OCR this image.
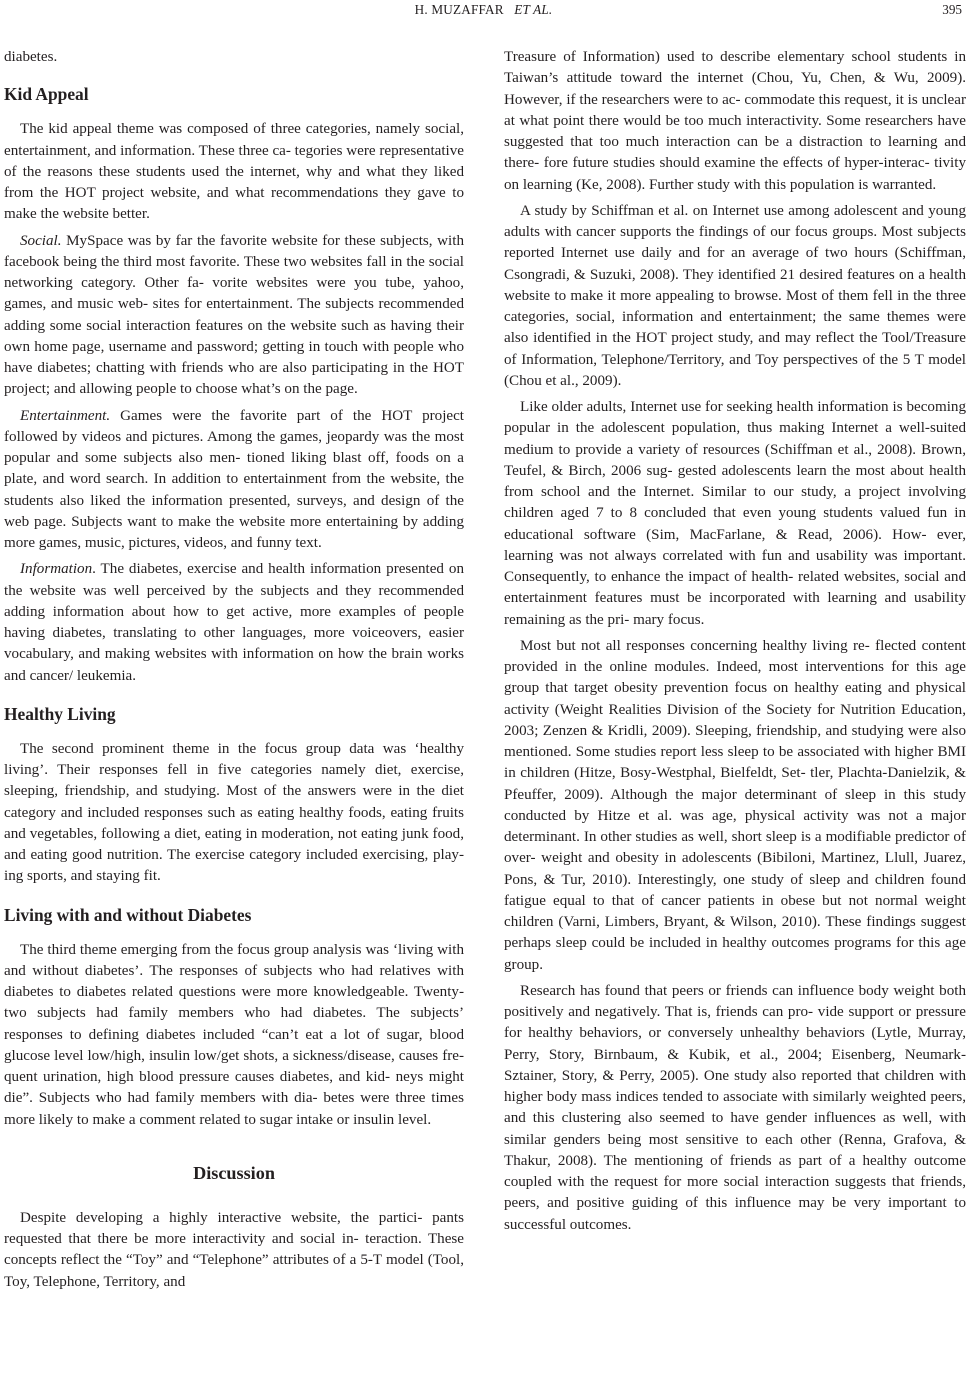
H. MUZAFFAR ET AL.	395

diabetes.

Kid Appeal

The kid appeal theme was composed of three categories, namely social, entertainment, and information. These three ca- tegories were representative of the reasons these students used the internet, why and what they liked from the HOT project website, and what recommendations they gave to make the website better.

Social. MySpace was by far the favorite website for these subjects, with facebook being the third most favorite. These two websites fall in the social networking category. Other fa- vorite websites were you tube, yahoo, games, and music web- sites for entertainment. The subjects recommended adding some social interaction features on the website such as having their own home page, username and password; getting in touch with people who have diabetes; chatting with friends who are also participating in the HOT project; and allowing people to choose what’s on the page.

Entertainment. Games were the favorite part of the HOT project followed by videos and pictures. Among the games, jeopardy was the most popular and some subjects also men- tioned liking blast off, foods on a plate, and word search. In addition to entertainment from the website, the students also liked the information presented, surveys, and design of the web page. Subjects want to make the website more entertaining by adding more games, music, pictures, videos, and funny text.

Information. The diabetes, exercise and health information presented on the website was well perceived by the subjects and they recommended adding information about how to get active, more examples of people having diabetes, translating to other languages, more voiceovers, easier vocabulary, and making websites with information on how the brain works and cancer/ leukemia.

Healthy Living

The second prominent theme in the focus group data was ‘healthy living’. Their responses fell in five categories namely diet, exercise, sleeping, friendship, and studying. Most of the answers were in the diet category and included responses such as eating healthy foods, eating fruits and vegetables, following a diet, eating in moderation, not eating junk food, and eating good nutrition. The exercise category included exercising, play- ing sports, and staying fit.

Living with and without Diabetes

The third theme emerging from the focus group analysis was ‘living with and without diabetes’. The responses of subjects who had relatives with diabetes to diabetes related questions were more knowledgeable. Twenty-two subjects had family members who had diabetes. The subjects’ responses to defining diabetes included “can’t eat a lot of sugar, blood glucose level low/high, insulin low/get shots, a sickness/disease, causes fre- quent urination, high blood pressure causes diabetes, and kid- neys might die”. Subjects who had family members with dia- betes were three times more likely to make a comment related to sugar intake or insulin level.

Discussion

Despite developing a highly interactive website, the partici- pants requested that there be more interactivity and social in- teraction. These concepts reflect the “Toy” and “Telephone” attributes of a 5-T model (Tool, Toy, Telephone, Territory, and

Treasure of Information) used to describe elementary school students in Taiwan’s attitude toward the internet (Chou, Yu, Chen, & Wu, 2009). However, if the researchers were to ac- commodate this request, it is unclear at what point there would be too much interactivity. Some researchers have suggested that too much interaction can be a distraction to learning and there- fore future studies should examine the effects of hyper-interac- tivity on learning (Ke, 2008). Further study with this population is warranted.

A study by Schiffman et al. on Internet use among adolescent and young adults with cancer supports the findings of our focus groups. Most subjects reported Internet use daily and for an average of two hours (Schiffman, Csongradi, & Suzuki, 2008). They identified 21 desired features on a health website to make it more appealing to browse. Most of them fell in the three categories, social, information and entertainment; the same themes were also identified in the HOT project study, and may reflect the Tool/Treasure of Information, Telephone/Territory, and Toy perspectives of the 5 T model (Chou et al., 2009).

Like older adults, Internet use for seeking health information is becoming popular in the adolescent population, thus making Internet a well-suited medium to provide a variety of resources (Schiffman et al., 2008). Brown, Teufel, & Birch, 2006 sug- gested adolescents learn the most about health from school and the Internet. Similar to our study, a project involving children aged 7 to 8 concluded that even young students valued fun in educational software (Sim, MacFarlane, & Read, 2006). How- ever, learning was not always correlated with fun and usability was important. Consequently, to enhance the impact of health- related websites, social and entertainment features must be incorporated with learning and usability remaining as the pri- mary focus.

Most but not all responses concerning healthy living re- flected content provided in the online modules. Indeed, most interventions for this age group that target obesity prevention focus on healthy eating and physical activity (Weight Realities Division of the Society for Nutrition Education, 2003; Zenzen & Kridli, 2009). Sleeping, friendship, and studying were also mentioned. Some studies report less sleep to be associated with higher BMI in children (Hitze, Bosy-Westphal, Bielfeldt, Set- tler, Plachta-Danielzik, & Pfeuffer, 2009). Although the major determinant of sleep in this study conducted by Hitze et al. was age, physical activity was not a major determinant. In other studies as well, short sleep is a modifiable predictor of over- weight and obesity in adolescents (Bibiloni, Martinez, Llull, Juarez, Pons, & Tur, 2010). Interestingly, one study of sleep and children found fatigue equal to that of cancer patients in obese but not normal weight children (Varni, Limbers, Bryant, & Wilson, 2010). These findings suggest perhaps sleep could be included in healthy outcomes programs for this age group.

Research has found that peers or friends can influence body weight both positively and negatively. That is, friends can pro- vide support or pressure for healthy behaviors, or conversely unhealthy behaviors (Lytle, Murray, Perry, Story, Birnbaum, & Kubik, et al., 2004; Eisenberg, Neumark-Sztainer, Story, & Perry, 2005). One study also reported that children with higher body mass indices tended to associate with similarly weighted peers, and this clustering also seemed to have gender influences as well, with similar genders being most sensitive to each other (Renna, Grafova, & Thakur, 2008). The mentioning of friends as part of a healthy outcome coupled with the request for more social interaction suggests that friends, peers, and positive guiding of this influence may be very important to successful outcomes.
